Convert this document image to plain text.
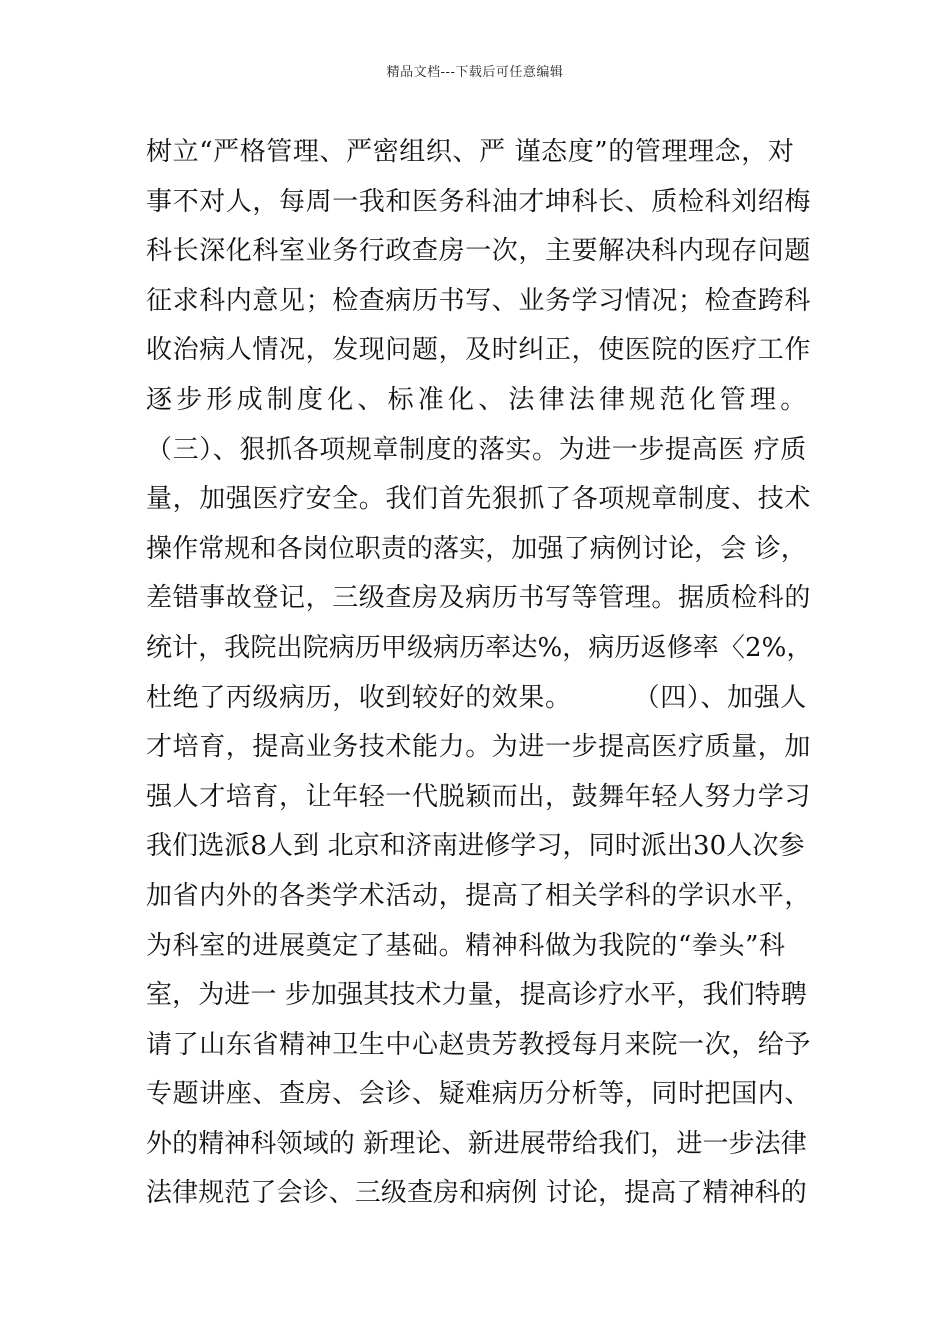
精品文档---下载后可任意编辑
树立“严格管理、严密组织、严 谨态度”的管理理念，对
事不对人，每周一我和医务科油才坤科长、质检科刘绍梅
科长深化科室业务行政查房一次，主要解决科内现存问题
征求科内意见；检查病历书写、业务学习情况；检查跨科
收治病人情况，发现问题，及时纠正，使医院的医疗工作
逐步形成制度化、标准化、法律法律规范化管理。
（三）、狠抓各项规章制度的落实。为进一步提高医 疗质
量，加强医疗安全。我们首先狠抓了各项规章制度、技术
操作常规和各岗位职责的落实，加强了病例讨论，会 诊，
差错事故登记，三级查房及病历书写等管理。据质检科的
统计，我院出院病历甲级病历率达%，病历返修率〈2%，
杜绝了丙级病历，收到较好的效果。       （四）、加强人
才培育，提高业务技术能力。为进一步提高医疗质量，加
强人才培育，让年轻一代脱颖而出，鼓舞年轻人努力学习
我们选派8人到 北京和济南进修学习，同时派出30人次参
加省内外的各类学术活动，提高了相关学科的学识水平，
为科室的进展奠定了基础。精神科做为我院的“拳头”科
室，为进一 步加强其技术力量，提高诊疗水平，我们特聘
请了山东省精神卫生中心赵贵芳教授每月来院一次，给予
专题讲座、查房、会诊、疑难病历分析等，同时把国内、
外的精神科领域的 新理论、新进展带给我们，进一步法律
法律规范了会诊、三级查房和病例 讨论，提高了精神科的
